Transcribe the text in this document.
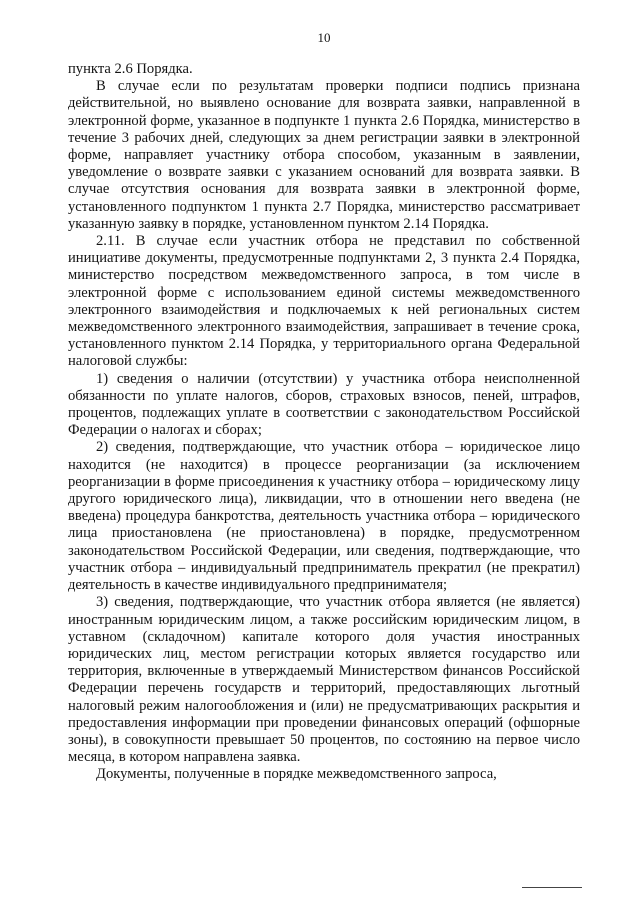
10

пункта 2.6 Порядка.

В случае если по результатам проверки подписи подпись признана действительной, но выявлено основание для возврата заявки, направленной в электронной форме, указанное в подпункте 1 пункта 2.6 Порядка, министерство в течение 3 рабочих дней, следующих за днем регистрации заявки в электронной форме, направляет участнику отбора способом, указанным в заявлении, уведомление о возврате заявки с указанием оснований для возврата заявки. В случае отсутствия основания для возврата заявки в электронной форме, установленного подпунктом 1 пункта 2.7 Порядка, министерство рассматривает указанную заявку в порядке, установленном пунктом 2.14 Порядка.

2.11. В случае если участник отбора не представил по собственной инициативе документы, предусмотренные подпунктами 2, 3 пункта 2.4 Порядка, министерство посредством межведомственного запроса, в том числе в электронной форме с использованием единой системы межведомственного электронного взаимодействия и подключаемых к ней региональных систем межведомственного электронного взаимодействия, запрашивает в течение срока, установленного пунктом 2.14 Порядка, у территориального органа Федеральной налоговой службы:

1) сведения о наличии (отсутствии) у участника отбора неисполненной обязанности по уплате налогов, сборов, страховых взносов, пеней, штрафов, процентов, подлежащих уплате в соответствии с законодательством Российской Федерации о налогах и сборах;

2) сведения, подтверждающие, что участник отбора – юридическое лицо находится (не находится) в процессе реорганизации (за исключением реорганизации в форме присоединения к участнику отбора – юридическому лицу другого юридического лица), ликвидации, что в отношении него введена (не введена) процедура банкротства, деятельность участника отбора – юридического лица приостановлена (не приостановлена) в порядке, предусмотренном законодательством Российской Федерации, или сведения, подтверждающие, что участник отбора – индивидуальный предприниматель прекратил (не прекратил) деятельность в качестве индивидуального предпринимателя;

3) сведения, подтверждающие, что участник отбора является (не является) иностранным юридическим лицом, а также российским юридическим лицом, в уставном (складочном) капитале которого доля участия иностранных юридических лиц, местом регистрации которых является государство или территория, включенные в утверждаемый Министерством финансов Российской Федерации перечень государств и территорий, предоставляющих льготный налоговый режим налогообложения и (или) не предусматривающих раскрытия и предоставления информации при проведении финансовых операций (офшорные зоны), в совокупности превышает 50 процентов, по состоянию на первое число месяца, в котором направлена заявка.

Документы, полученные в порядке межведомственного запроса,
